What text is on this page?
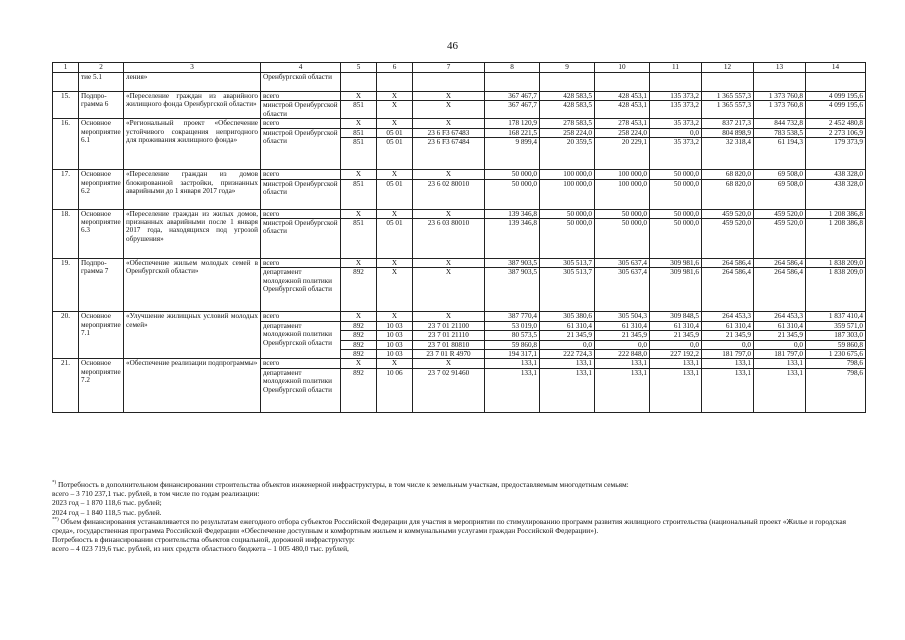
46
1	2	3	4	5	6	7	8	9	10	11	12	13	14
	тие 5.1	ления»	Оренбургской области										
15.	Подпро-грамма 6	«Переселение граждан из аварийного жилищного фонда Оренбургской области»	всего	X	X	X	367 467,7	428 583,5	428 453,1	135 373,2	1 365 557,3	1 373 760,8	4 099 195,6
			минстрой Оренбургской области	851	X	X	367 467,7	428 583,5	428 453,1	135 373,2	1 365 557,3	1 373 760,8	4 099 195,6
16.	Основное мероприятие 6.1	«Региональный проект «Обеспечение устойчивого сокращения непригодного для проживания жилищного фонда»	всего	X	X	X	178 120,9	278 583,5	278 453,1	35 373,2	837 217,3	844 732,8	2 452 480,8
			минстрой Оренбургской области	851	05 01	23 6 F3 67483	168 221,5	258 224,0	258 224,0	0,0	804 898,9	783 538,5	2 273 106,9
				851	05 01	23 6 F3 67484	9 899,4	20 359,5	20 229,1	35 373,2	32 318,4	61 194,3	179 373,9
17.	Основное мероприятие 6.2	«Переселение граждан из домов блокированной застройки, признанных аварийными до 1 января 2017 года»	всего	X	X	X	50 000,0	100 000,0	100 000,0	50 000,0	68 820,0	69 508,0	438 328,0
			минстрой Оренбургской области	851	05 01	23 6 02 80010	50 000,0	100 000,0	100 000,0	50 000,0	68 820,0	69 508,0	438 328,0
18.	Основное мероприятие 6.3	«Переселение граждан из жилых домов, признанных аварийными после 1 января 2017 года, находящихся под угрозой обрушения»	всего	X	X	X	139 346,8	50 000,0	50 000,0	50 000,0	459 520,0	459 520,0	1 208 386,8
			минстрой Оренбургской области	851	05 01	23 6 03 80010	139 346,8	50 000,0	50 000,0	50 000,0	459 520,0	459 520,0	1 208 386,8
19.	Подпро-грамма 7	«Обеспечение жильем молодых семей в Оренбургской области»	всего	X	X	X	387 903,5	305 513,7	305 637,4	309 981,6	264 586,4	264 586,4	1 838 209,0
			департамент молодежной политики Оренбургской области	892	X	X	387 903,5	305 513,7	305 637,4	309 981,6	264 586,4	264 586,4	1 838 209,0
20.	Основное мероприятие 7.1	«Улучшение жилищных условий молодых семей»	всего	X	X	X	387 770,4	305 380,6	305 504,3	309 848,5	264 453,3	264 453,3	1 837 410,4
			департамент молодежной политики Оренбургской области	892	10 03	23 7 01 21100	53 019,0	61 310,4	61 310,4	61 310,4	61 310,4	61 310,4	359 571,0
				892	10 03	23 7 01 21110	80 573,5	21 345,9	21 345,9	21 345,9	21 345,9	21 345,9	187 303,0
				892	10 03	23 7 01 80810	59 860,8	0,0	0,0	0,0	0,0	0,0	59 860,8
				892	10 03	23 7 01 R 4970	194 317,1	222 724,3	222 848,0	227 192,2	181 797,0	181 797,0	1 230 675,6
21.	Основное мероприятие 7.2	«Обеспечение реализации подпрограммы»	всего	X	X	X	133,1	133,1	133,1	133,1	133,1	133,1	798,6
			департамент молодежной политики Оренбургской области	892	10 06	23 7 02 91460	133,1	133,1	133,1	133,1	133,1	133,1	798,6

*) Потребность в дополнительном финансировании строительства объектов инженерной инфраструктуры, в том числе к земельным участкам, предоставляемым многодетным семьям:

всего – 3 710 237,1 тыс. рублей, в том числе по годам реализации:

2023 год – 1 870 118,6 тыс. рублей;

2024 год – 1 840 118,5 тыс. рублей.

**) Объем финансирования устанавливается по результатам ежегодного отбора субъектов Российской Федерации для участия в мероприятии по стимулированию программ развития жилищного строительства (национальный проект «Жилье и городская среда», государственная программа Российской Федерации «Обеспечение доступным и комфортным жильем и коммунальными услугами граждан Российской Федерации»).

Потребность в финансировании строительства объектов социальной, дорожной инфраструктур:

всего – 4 023 719,6 тыс. рублей, из них средств областного бюджета – 1 005 480,0 тыс. рублей,
